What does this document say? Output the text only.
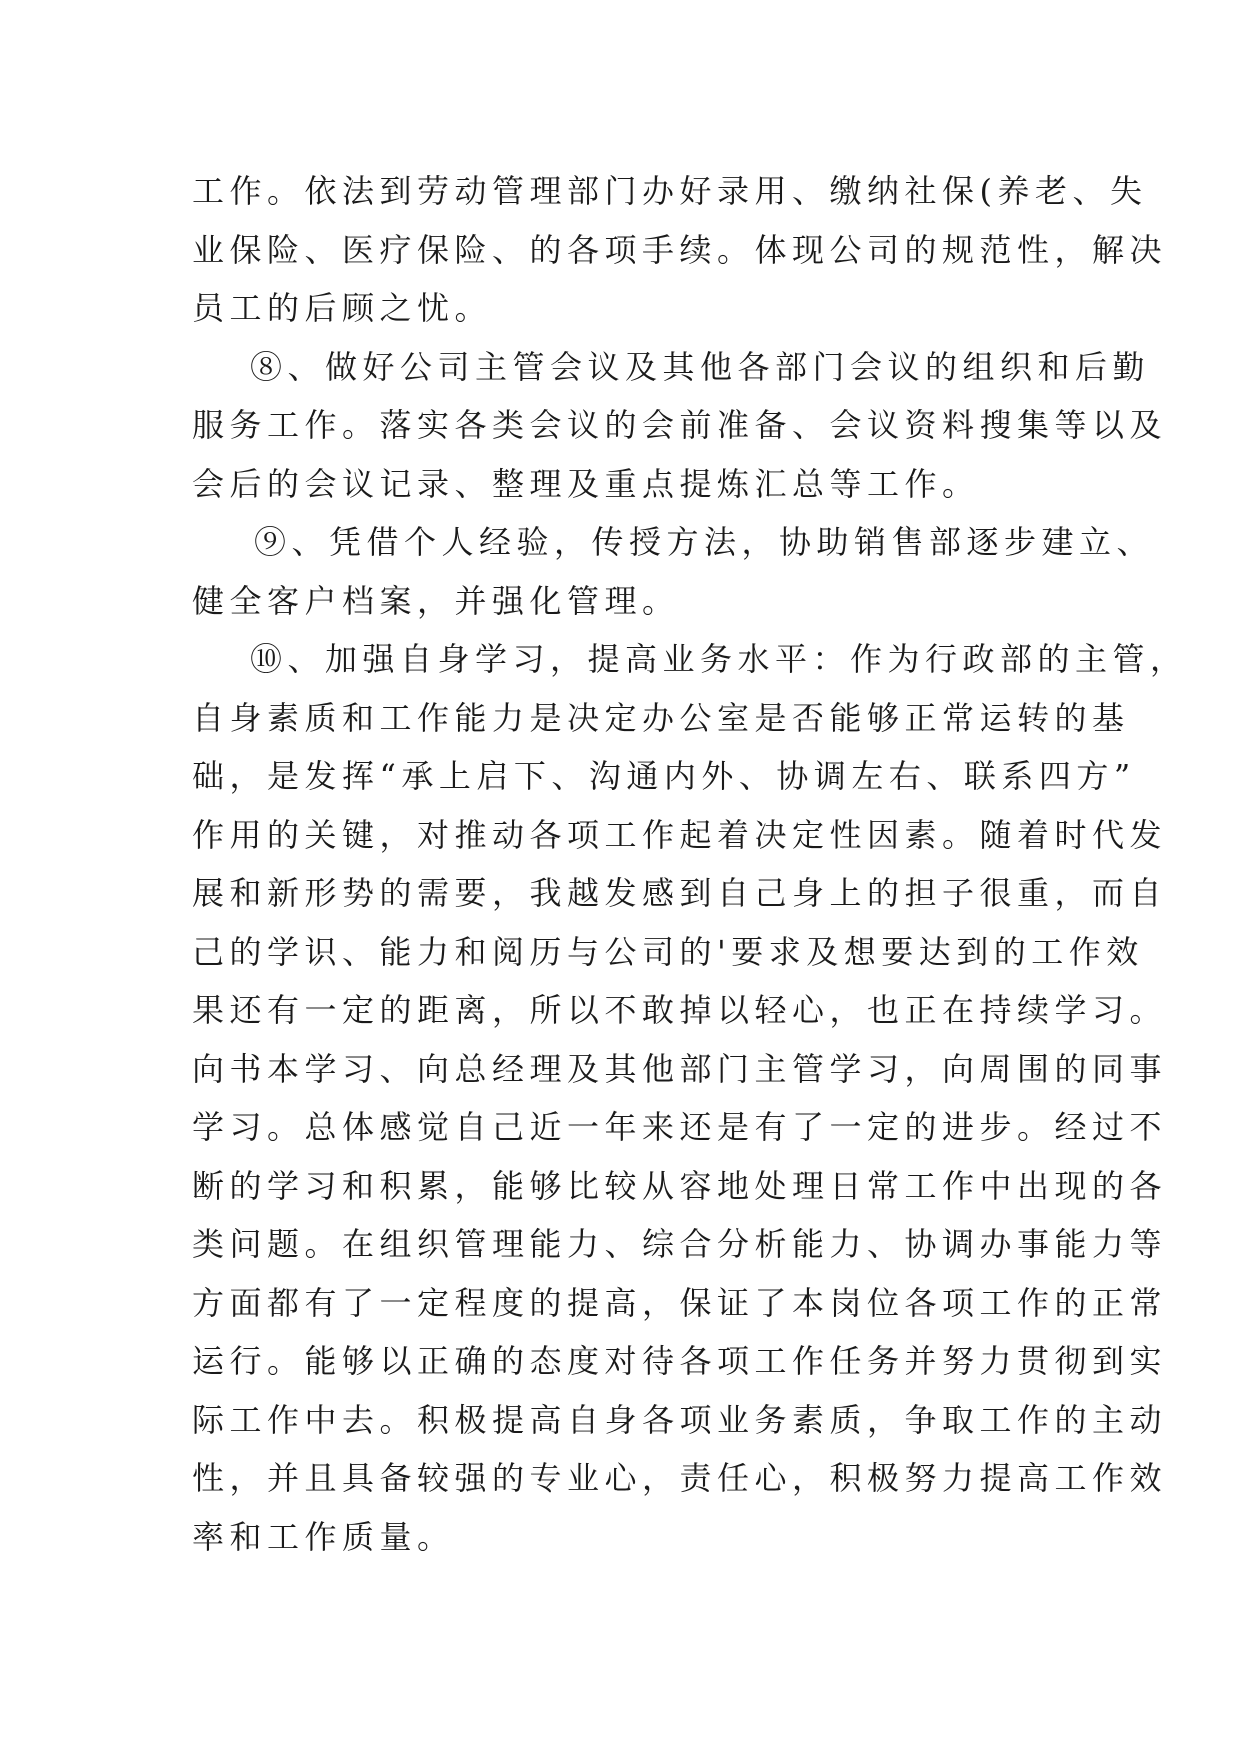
工作。依法到劳动管理部门办好录用、缴纳社保(养老、失
业保险、医疗保险、的各项手续。体现公司的规范性，解决
员工的后顾之忧。
⑧、做好公司主管会议及其他各部门会议的组织和后勤
服务工作。落实各类会议的会前准备、会议资料搜集等以及
会后的会议记录、整理及重点提炼汇总等工作。
⑨、凭借个人经验，传授方法，协助销售部逐步建立、
健全客户档案，并强化管理。
⑩、加强自身学习，提高业务水平：作为行政部的主管，
自身素质和工作能力是决定办公室是否能够正常运转的基
础，是发挥“承上启下、沟通内外、协调左右、联系四方”
作用的关键，对推动各项工作起着决定性因素。随着时代发
展和新形势的需要，我越发感到自己身上的担子很重，而自
己的学识、能力和阅历与公司的'要求及想要达到的工作效
果还有一定的距离，所以不敢掉以轻心，也正在持续学习。
向书本学习、向总经理及其他部门主管学习，向周围的同事
学习。总体感觉自己近一年来还是有了一定的进步。经过不
断的学习和积累，能够比较从容地处理日常工作中出现的各
类问题。在组织管理能力、综合分析能力、协调办事能力等
方面都有了一定程度的提高，保证了本岗位各项工作的正常
运行。能够以正确的态度对待各项工作任务并努力贯彻到实
际工作中去。积极提高自身各项业务素质，争取工作的主动
性，并且具备较强的专业心，责任心，积极努力提高工作效
率和工作质量。
